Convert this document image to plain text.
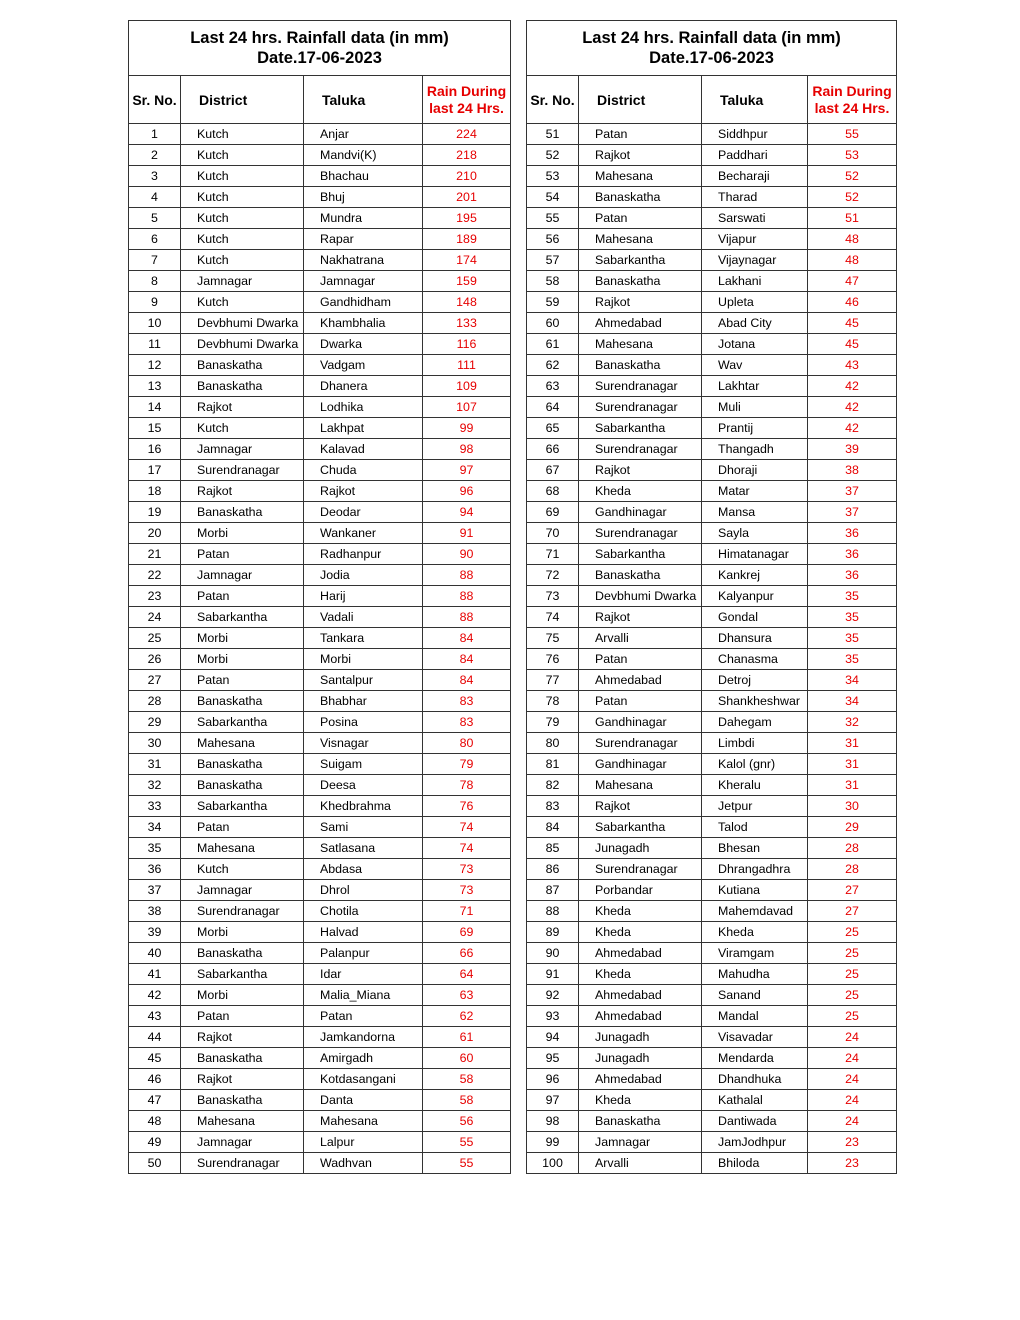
Last 24 hrs. Rainfall data (in mm)
Date.17-06-2023			

Sr. No.	District	Taluka	Rain During
last 24 Hrs.

1	Kutch	Anjar	224
2	Kutch	Mandvi(K)	218
3	Kutch	Bhachau	210
4	Kutch	Bhuj	201
5	Kutch	Mundra	195
6	Kutch	Rapar	189
7	Kutch	Nakhatrana	174
8	Jamnagar	Jamnagar	159
9	Kutch	Gandhidham	148
10	Devbhumi Dwarka	Khambhalia	133
11	Devbhumi Dwarka	Dwarka	116
12	Banaskatha	Vadgam	111
13	Banaskatha	Dhanera	109
14	Rajkot	Lodhika	107
15	Kutch	Lakhpat	99
16	Jamnagar	Kalavad	98
17	Surendranagar	Chuda	97
18	Rajkot	Rajkot	96
19	Banaskatha	Deodar	94
20	Morbi	Wankaner	91
21	Patan	Radhanpur	90
22	Jamnagar	Jodia	88
23	Patan	Harij	88
24	Sabarkantha	Vadali	88
25	Morbi	Tankara	84
26	Morbi	Morbi	84
27	Patan	Santalpur	84
28	Banaskatha	Bhabhar	83
29	Sabarkantha	Posina	83
30	Mahesana	Visnagar	80
31	Banaskatha	Suigam	79
32	Banaskatha	Deesa	78
33	Sabarkantha	Khedbrahma	76
34	Patan	Sami	74
35	Mahesana	Satlasana	74
36	Kutch	Abdasa	73
37	Jamnagar	Dhrol	73
38	Surendranagar	Chotila	71
39	Morbi	Halvad	69
40	Banaskatha	Palanpur	66
41	Sabarkantha	Idar	64
42	Morbi	Malia_Miana	63
43	Patan	Patan	62
44	Rajkot	Jamkandorna	61
45	Banaskatha	Amirgadh	60
46	Rajkot	Kotdasangani	58
47	Banaskatha	Danta	58
48	Mahesana	Mahesana	56
49	Jamnagar	Lalpur	55
50	Surendranagar	Wadhvan	55
Last 24 hrs. Rainfall data (in mm)
Date.17-06-2023			

Sr. No.	District	Taluka	Rain During
last 24 Hrs.

51	Patan	Siddhpur	55
52	Rajkot	Paddhari	53
53	Mahesana	Becharaji	52
54	Banaskatha	Tharad	52
55	Patan	Sarswati	51
56	Mahesana	Vijapur	48
57	Sabarkantha	Vijaynagar	48
58	Banaskatha	Lakhani	47
59	Rajkot	Upleta	46
60	Ahmedabad	Abad City	45
61	Mahesana	Jotana	45
62	Banaskatha	Wav	43
63	Surendranagar	Lakhtar	42
64	Surendranagar	Muli	42
65	Sabarkantha	Prantij	42
66	Surendranagar	Thangadh	39
67	Rajkot	Dhoraji	38
68	Kheda	Matar	37
69	Gandhinagar	Mansa	37
70	Surendranagar	Sayla	36
71	Sabarkantha	Himatanagar	36
72	Banaskatha	Kankrej	36
73	Devbhumi Dwarka	Kalyanpur	35
74	Rajkot	Gondal	35
75	Arvalli	Dhansura	35
76	Patan	Chanasma	35
77	Ahmedabad	Detroj	34
78	Patan	Shankheshwar	34
79	Gandhinagar	Dahegam	32
80	Surendranagar	Limbdi	31
81	Gandhinagar	Kalol (gnr)	31
82	Mahesana	Kheralu	31
83	Rajkot	Jetpur	30
84	Sabarkantha	Talod	29
85	Junagadh	Bhesan	28
86	Surendranagar	Dhrangadhra	28
87	Porbandar	Kutiana	27
88	Kheda	Mahemdavad	27
89	Kheda	Kheda	25
90	Ahmedabad	Viramgam	25
91	Kheda	Mahudha	25
92	Ahmedabad	Sanand	25
93	Ahmedabad	Mandal	25
94	Junagadh	Visavadar	24
95	Junagadh	Mendarda	24
96	Ahmedabad	Dhandhuka	24
97	Kheda	Kathalal	24
98	Banaskatha	Dantiwada	24
99	Jamnagar	JamJodhpur	23
100	Arvalli	Bhiloda	23
